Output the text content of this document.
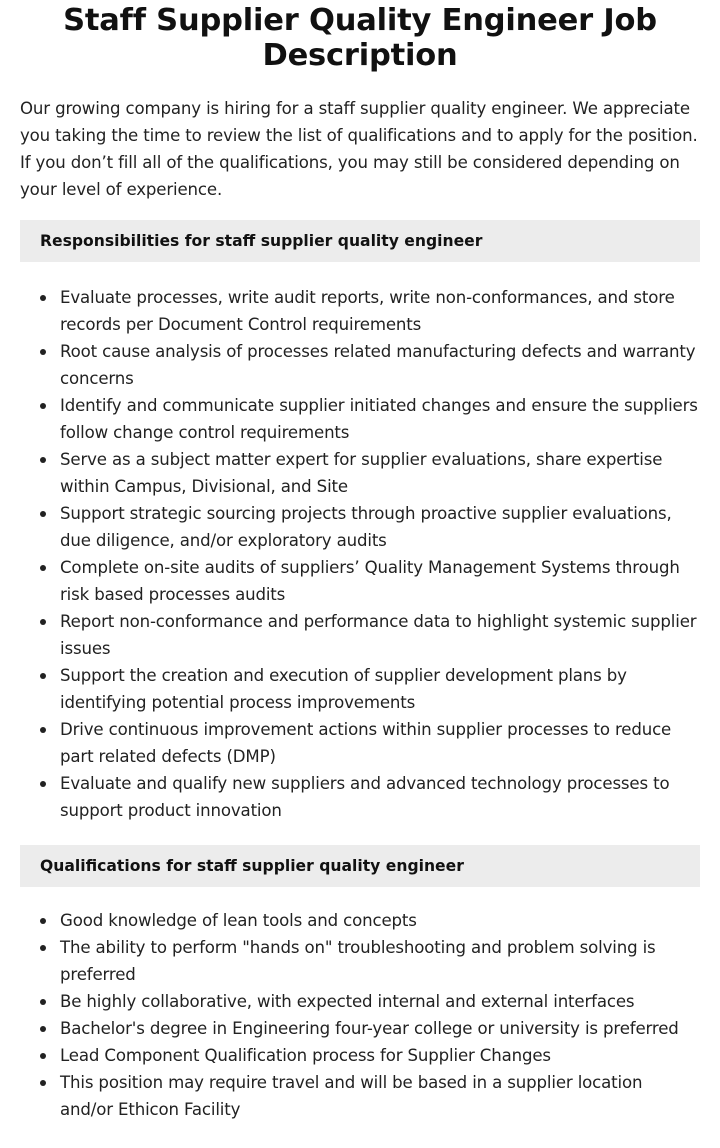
Staff Supplier Quality Engineer Job Description

Our growing company is hiring for a staff supplier quality engineer. We appreciate you taking the time to review the list of qualifications and to apply for the position. If you don’t fill all of the qualifications, you may still be considered depending on your level of experience.

Responsibilities for staff supplier quality engineer
Evaluate processes, write audit reports, write non-conformances, and store records per Document Control requirements
Root cause analysis of processes related manufacturing defects and warranty concerns
Identify and communicate supplier initiated changes and ensure the suppliers follow change control requirements
Serve as a subject matter expert for supplier evaluations, share expertise within Campus, Divisional, and Site
Support strategic sourcing projects through proactive supplier evaluations, due diligence, and/or exploratory audits
Complete on-site audits of suppliers’ Quality Management Systems through risk based processes audits
Report non-conformance and performance data to highlight systemic supplier issues
Support the creation and execution of supplier development plans by identifying potential process improvements
Drive continuous improvement actions within supplier processes to reduce part related defects (DMP)
Evaluate and qualify new suppliers and advanced technology processes to support product innovation
Qualifications for staff supplier quality engineer
Good knowledge of lean tools and concepts
The ability to perform "hands on" troubleshooting and problem solving is preferred
Be highly collaborative, with expected internal and external interfaces
Bachelor's degree in Engineering four-year college or university is preferred
Lead Component Qualification process for Supplier Changes
This position may require travel and will be based in a supplier location and/or Ethicon Facility
